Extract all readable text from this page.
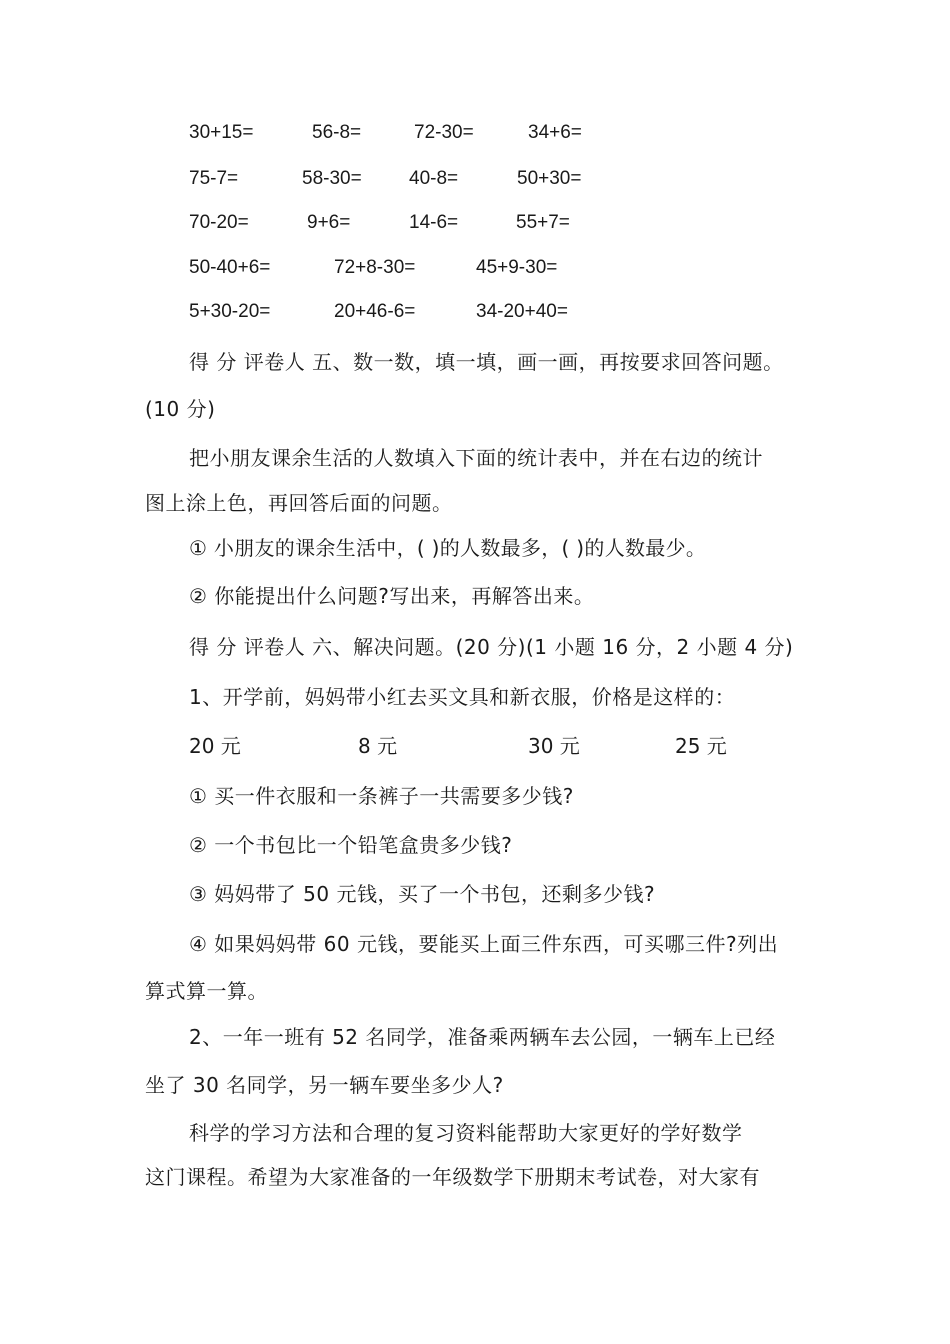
30+15=	56-8=	72-30=	34+6=
75-7=	58-30= 40-8=	50+30=
70-20=	9+6=	14-6=	55+7=
50-40+6=	72+8-30=	45+9-30=
5+30-20=	20+46-6=	34-20+40=
得 分 评卷人 五、数一数，填一填，画一画，再按要求回答问题。
(10 分)
把小朋友课余生活的人数填入下面的统计表中，并在右边的统计
图上涂上色，再回答后面的问题。
① 小朋友的课余生活中，( )的人数最多，( )的人数最少。
② 你能提出什么问题?写出来，再解答出来。
得 分 评卷人 六、解决问题。(20 分)(1 小题 16 分，2 小题 4 分)
1、开学前，妈妈带小红去买文具和新衣服，价格是这样的：
20 元	8 元	30 元	25 元
① 买一件衣服和一条裤子一共需要多少钱?
② 一个书包比一个铅笔盒贵多少钱?
③ 妈妈带了 50 元钱，买了一个书包，还剩多少钱?
④ 如果妈妈带 60 元钱，要能买上面三件东西，可买哪三件?列出
算式算一算。
2、一年一班有 52 名同学，准备乘两辆车去公园，一辆车上已经
坐了 30 名同学，另一辆车要坐多少人?
科学的学习方法和合理的复习资料能帮助大家更好的学好数学
这门课程。希望为大家准备的一年级数学下册期末考试卷，对大家有
